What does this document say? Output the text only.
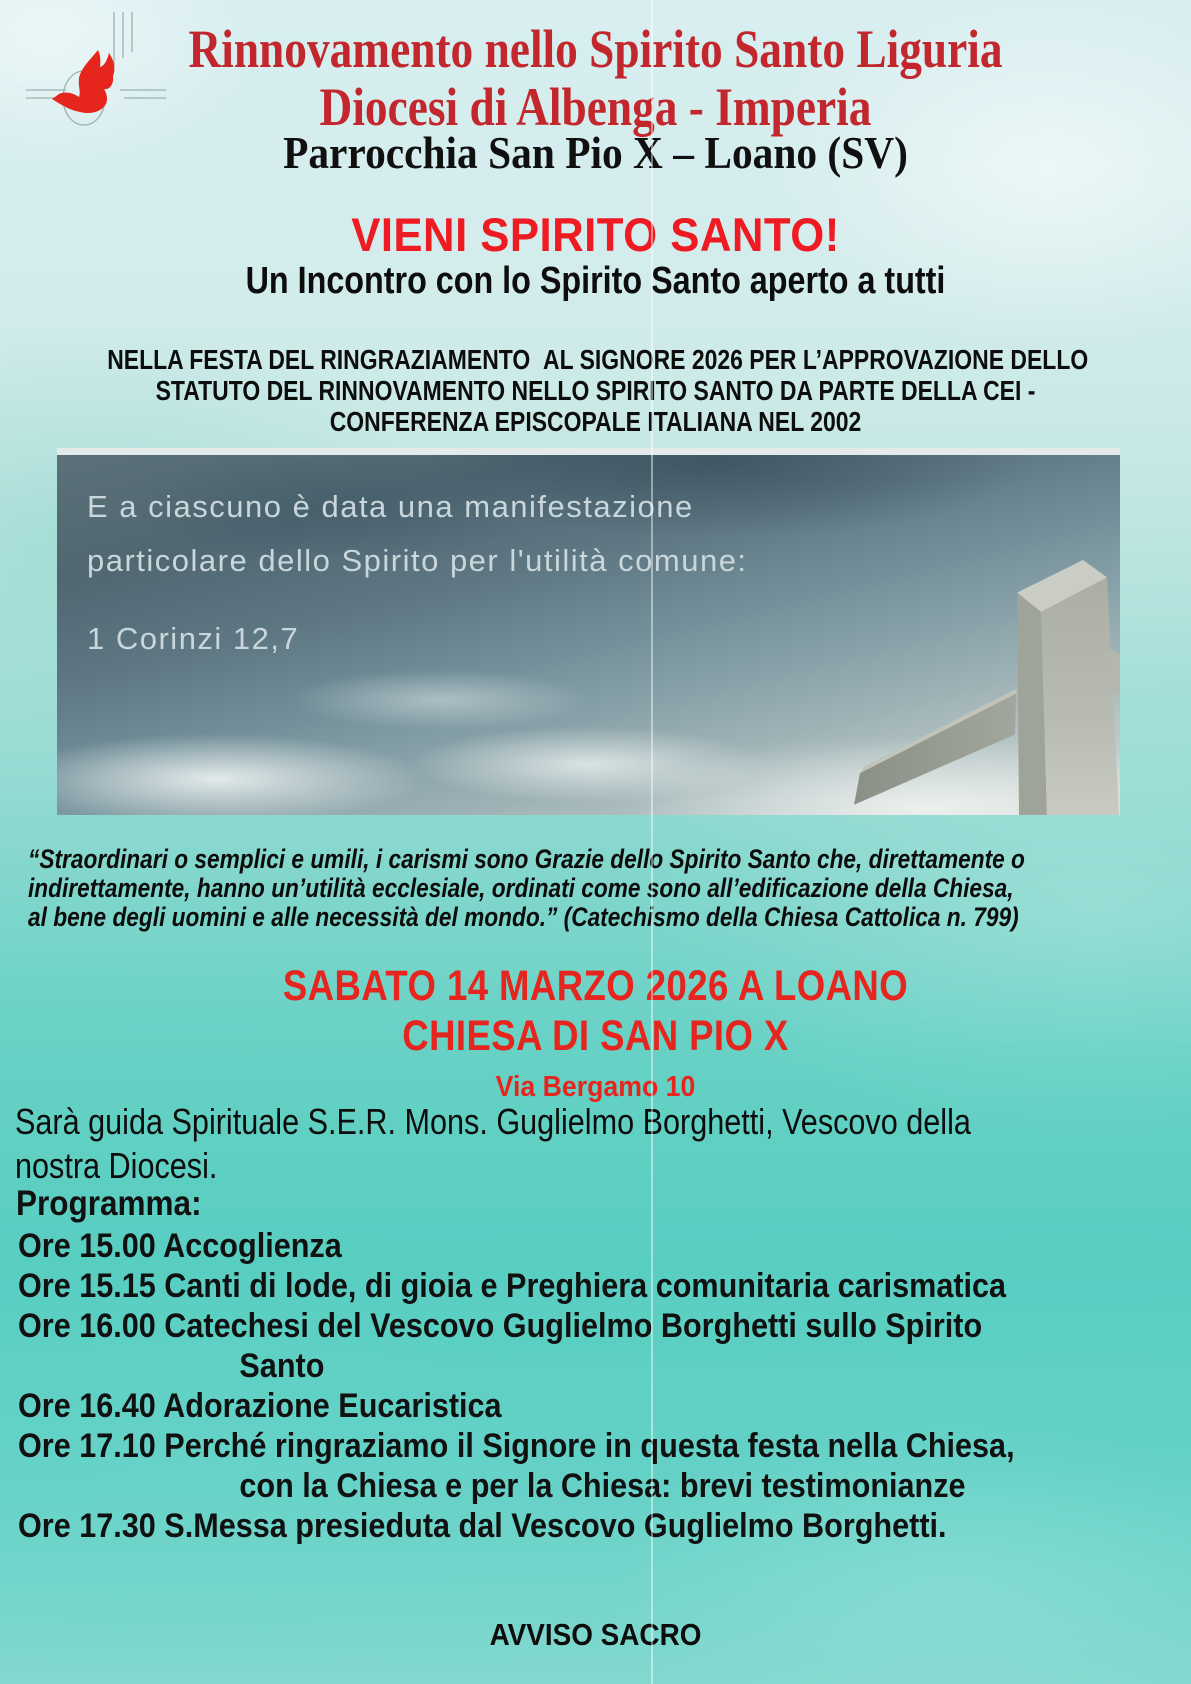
Rinnovamento nello Spirito Santo Liguria
Diocesi di Albenga - Imperia
Parrocchia San Pio X – Loano (SV)
VIENI SPIRITO SANTO!
Un Incontro con lo Spirito Santo aperto a tutti
NELLA FESTA DEL RINGRAZIAMENTO  AL SIGNORE 2026 PER L’APPROVAZIONE DELLO
STATUTO DEL RINNOVAMENTO NELLO SPIRITO SANTO DA PARTE DELLA CEI -
CONFERENZA EPISCOPALE ITALIANA NEL 2002
E a ciascuno è data una manifestazione
particolare dello Spirito per l'utilità comune:
1 Corinzi 12,7
“Straordinari o semplici e umili, i carismi sono Grazie dello Spirito Santo che, direttamente o
indirettamente, hanno un’utilità ecclesiale, ordinati come sono all’edificazione della Chiesa,
al bene degli uomini e alle necessità del mondo.” (Catechismo della Chiesa Cattolica n. 799)
SABATO 14 MARZO 2026 A LOANO
CHIESA DI SAN PIO X
Via Bergamo 10
Sarà guida Spirituale S.E.R. Mons. Guglielmo Borghetti, Vescovo della
nostra Diocesi.
Programma:
Ore 15.00 Accoglienza
Ore 15.15 Canti di lode, di gioia e Preghiera comunitaria carismatica
Ore 16.00 Catechesi del Vescovo Guglielmo Borghetti sullo Spirito
Santo
Ore 16.40 Adorazione Eucaristica
Ore 17.10 Perché ringraziamo il Signore in questa festa nella Chiesa,
con la Chiesa e per la Chiesa: brevi testimonianze
Ore 17.30 S.Messa presieduta dal Vescovo Guglielmo Borghetti.
AVVISO SACRO
